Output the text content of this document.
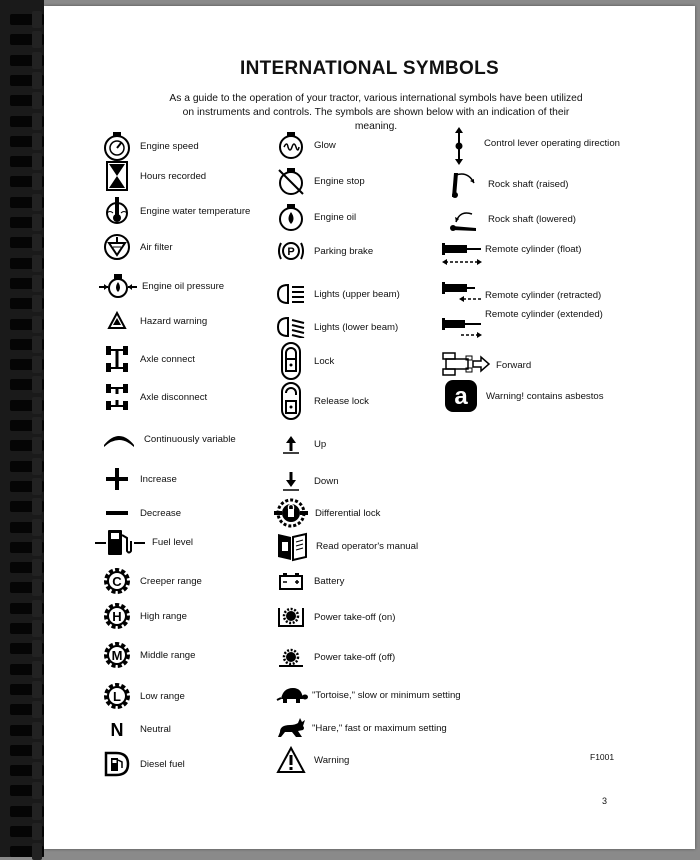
INTERNATIONAL SYMBOLS
As a guide to the operation of your tractor, various international symbols have been utilized on instruments and controls. The symbols are shown below with an indication of their meaning.
Engine speed
Hours recorded
Engine water temperature
Air filter
Engine oil pressure
Hazard warning
Axle connect
Axle disconnect
Continuously variable
Increase
Decrease
Fuel level
C Creeper range
H High range
M Middle range
L Low range
N Neutral
Diesel fuel
Glow
Engine stop
Engine oil
P Parking brake
Lights (upper beam)
Lights (lower beam)
Lock
Release lock
Up
Down
Differential lock
Read operator's manual
Battery
Power take-off (on)
Power take-off (off)
"Tortoise," slow or minimum setting
"Hare," fast or maximum setting
Warning
Control lever operating direction
Rock shaft (raised)
Rock shaft (lowered)
Remote cylinder (float)
Remote cylinder (retracted)
Remote cylinder (extended)
Forward
a Warning! contains asbestos
F1001
3
